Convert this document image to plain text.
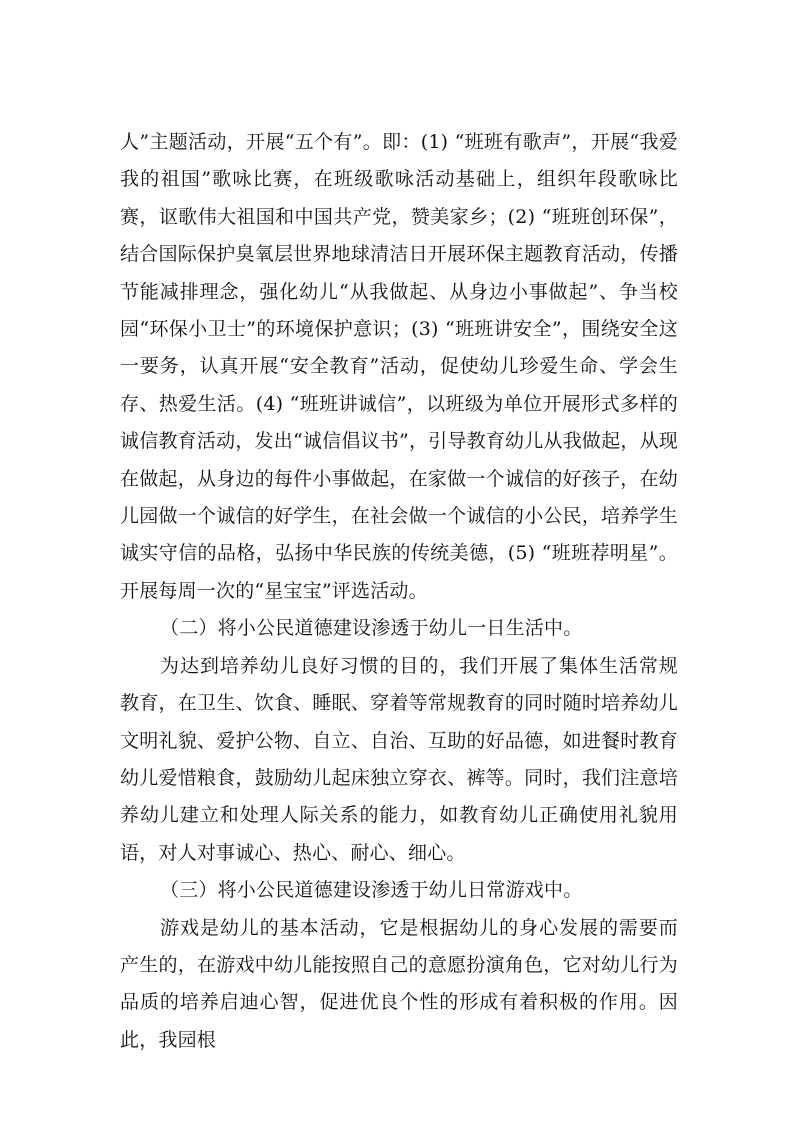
人”主题活动，开展“五个有”。即：(1) “班班有歌声”，开展“我爱我的祖国”歌咏比赛，在班级歌咏活动基础上，组织年段歌咏比赛，讴歌伟大祖国和中国共产党，赞美家乡；(2) “班班创环保”，结合国际保护臭氧层世界地球清洁日开展环保主题教育活动，传播节能减排理念，强化幼儿“从我做起、从身边小事做起”、争当校园“环保小卫士”的环境保护意识；(3) “班班讲安全”，围绕安全这一要务，认真开展“安全教育”活动，促使幼儿珍爱生命、学会生存、热爱生活。(4) “班班讲诚信”，以班级为单位开展形式多样的诚信教育活动，发出“诚信倡议书”，引导教育幼儿从我做起，从现在做起，从身边的每件小事做起，在家做一个诚信的好孩子，在幼儿园做一个诚信的好学生，在社会做一个诚信的小公民，培养学生诚实守信的品格，弘扬中华民族的传统美德，(5) “班班荐明星”。开展每周一次的“星宝宝”评选活动。

（二）将小公民道德建设渗透于幼儿一日生活中。

为达到培养幼儿良好习惯的目的，我们开展了集体生活常规教育，在卫生、饮食、睡眠、穿着等常规教育的同时随时培养幼儿文明礼貌、爱护公物、自立、自治、互助的好品德，如进餐时教育幼儿爱惜粮食，鼓励幼儿起床独立穿衣、裤等。同时，我们注意培养幼儿建立和处理人际关系的能力，如教育幼儿正确使用礼貌用语，对人对事诚心、热心、耐心、细心。

（三）将小公民道德建设渗透于幼儿日常游戏中。

游戏是幼儿的基本活动，它是根据幼儿的身心发展的需要而产生的，在游戏中幼儿能按照自己的意愿扮演角色，它对幼儿行为品质的培养启迪心智，促进优良个性的形成有着积极的作用。因此，我园根
